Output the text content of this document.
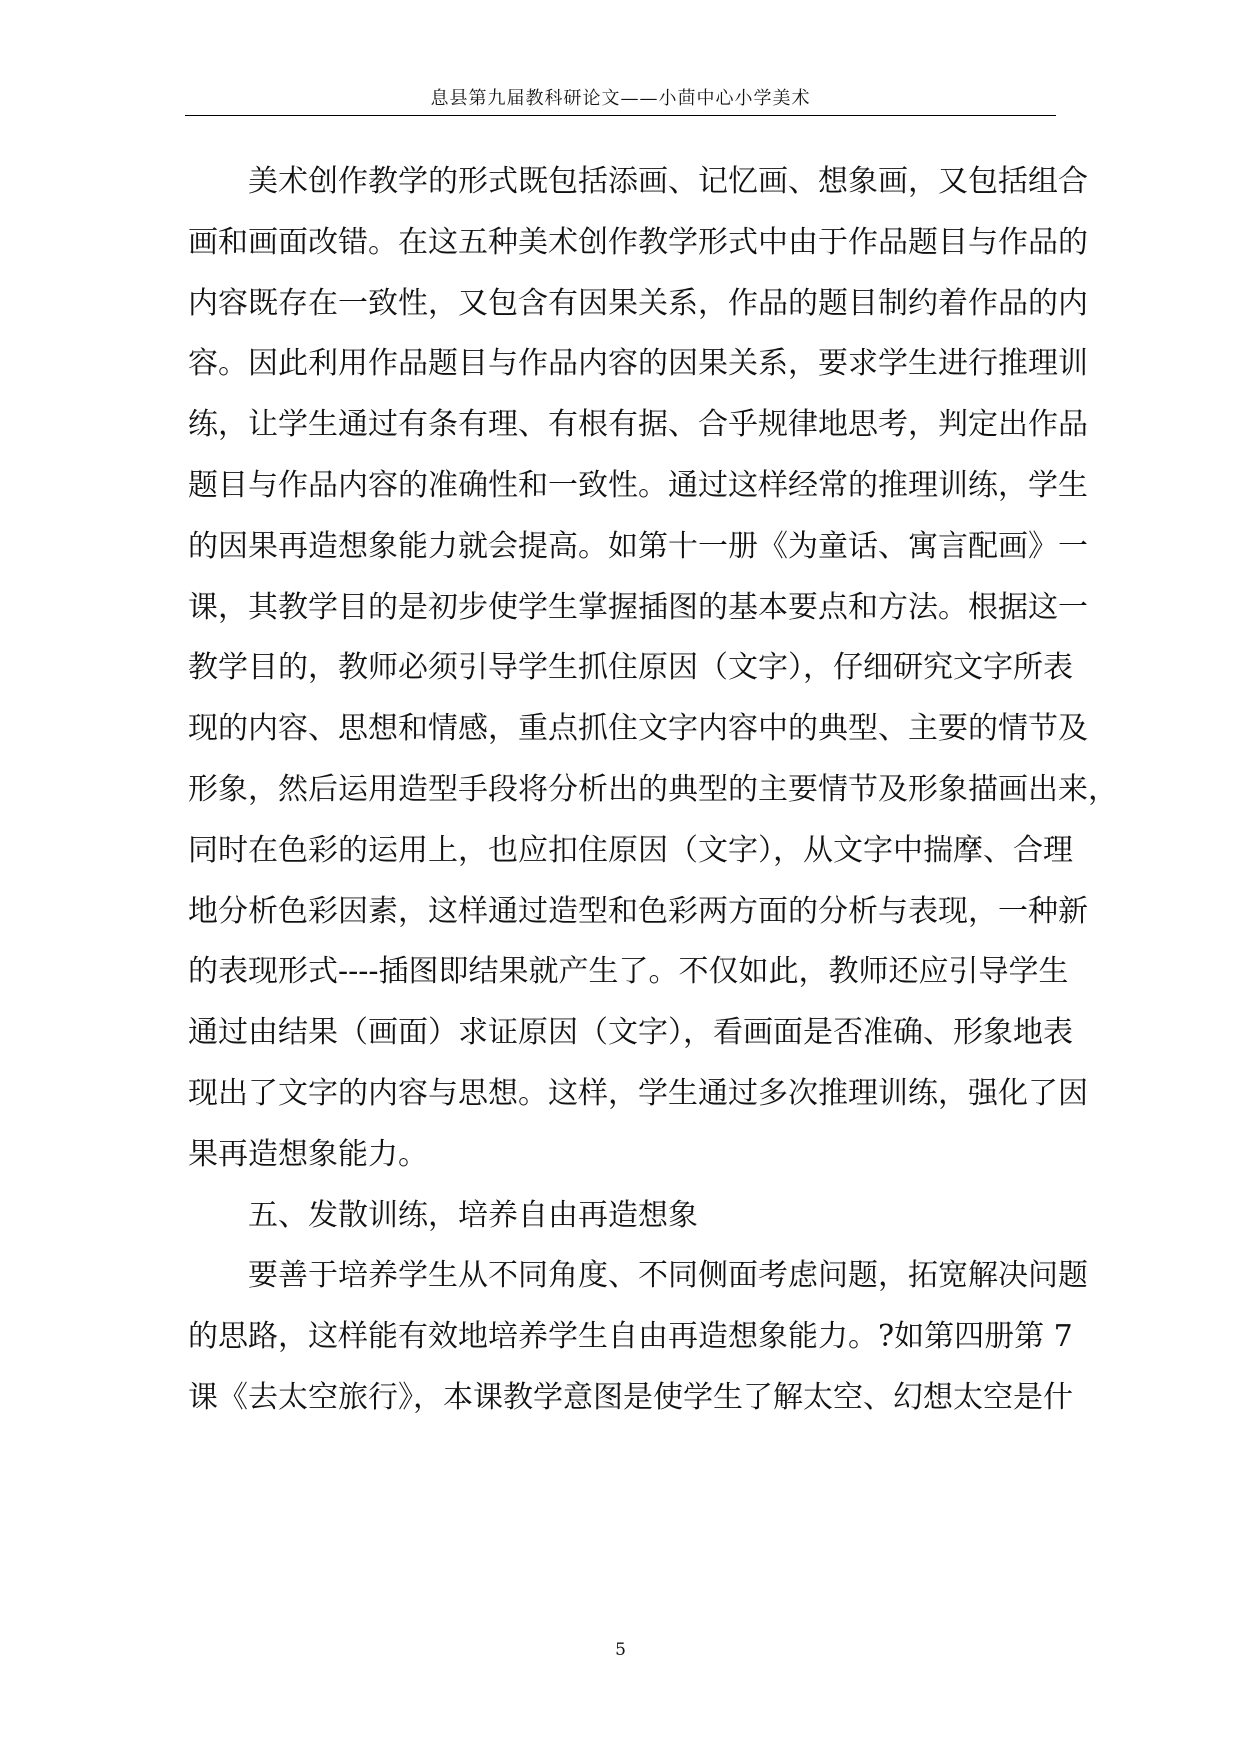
息县第九届教科研论文——小茴中心小学美术
　　美术创作教学的形式既包括添画、记忆画、想象画，又包括组合
画和画面改错。在这五种美术创作教学形式中由于作品题目与作品的
内容既存在一致性，又包含有因果关系，作品的题目制约着作品的内
容。因此利用作品题目与作品内容的因果关系，要求学生进行推理训
练，让学生通过有条有理、有根有据、合乎规律地思考，判定出作品
题目与作品内容的准确性和一致性。通过这样经常的推理训练，学生
的因果再造想象能力就会提高。如第十一册《为童话、寓言配画》一
课，其教学目的是初步使学生掌握插图的基本要点和方法。根据这一
教学目的，教师必须引导学生抓住原因（文字），仔细研究文字所表
现的内容、思想和情感，重点抓住文字内容中的典型、主要的情节及
形象，然后运用造型手段将分析出的典型的主要情节及形象描画出来，
同时在色彩的运用上，也应扣住原因（文字），从文字中揣摩、合理
地分析色彩因素，这样通过造型和色彩两方面的分析与表现，一种新
的表现形式----插图即结果就产生了。不仅如此，教师还应引导学生
通过由结果（画面）求证原因（文字），看画面是否准确、形象地表
现出了文字的内容与思想。这样，学生通过多次推理训练，强化了因
果再造想象能力。
　　五、发散训练，培养自由再造想象
　　要善于培养学生从不同角度、不同侧面考虑问题，拓宽解决问题
的思路，这样能有效地培养学生自由再造想象能力。?如第四册第 7
课《去太空旅行》，本课教学意图是使学生了解太空、幻想太空是什
5
